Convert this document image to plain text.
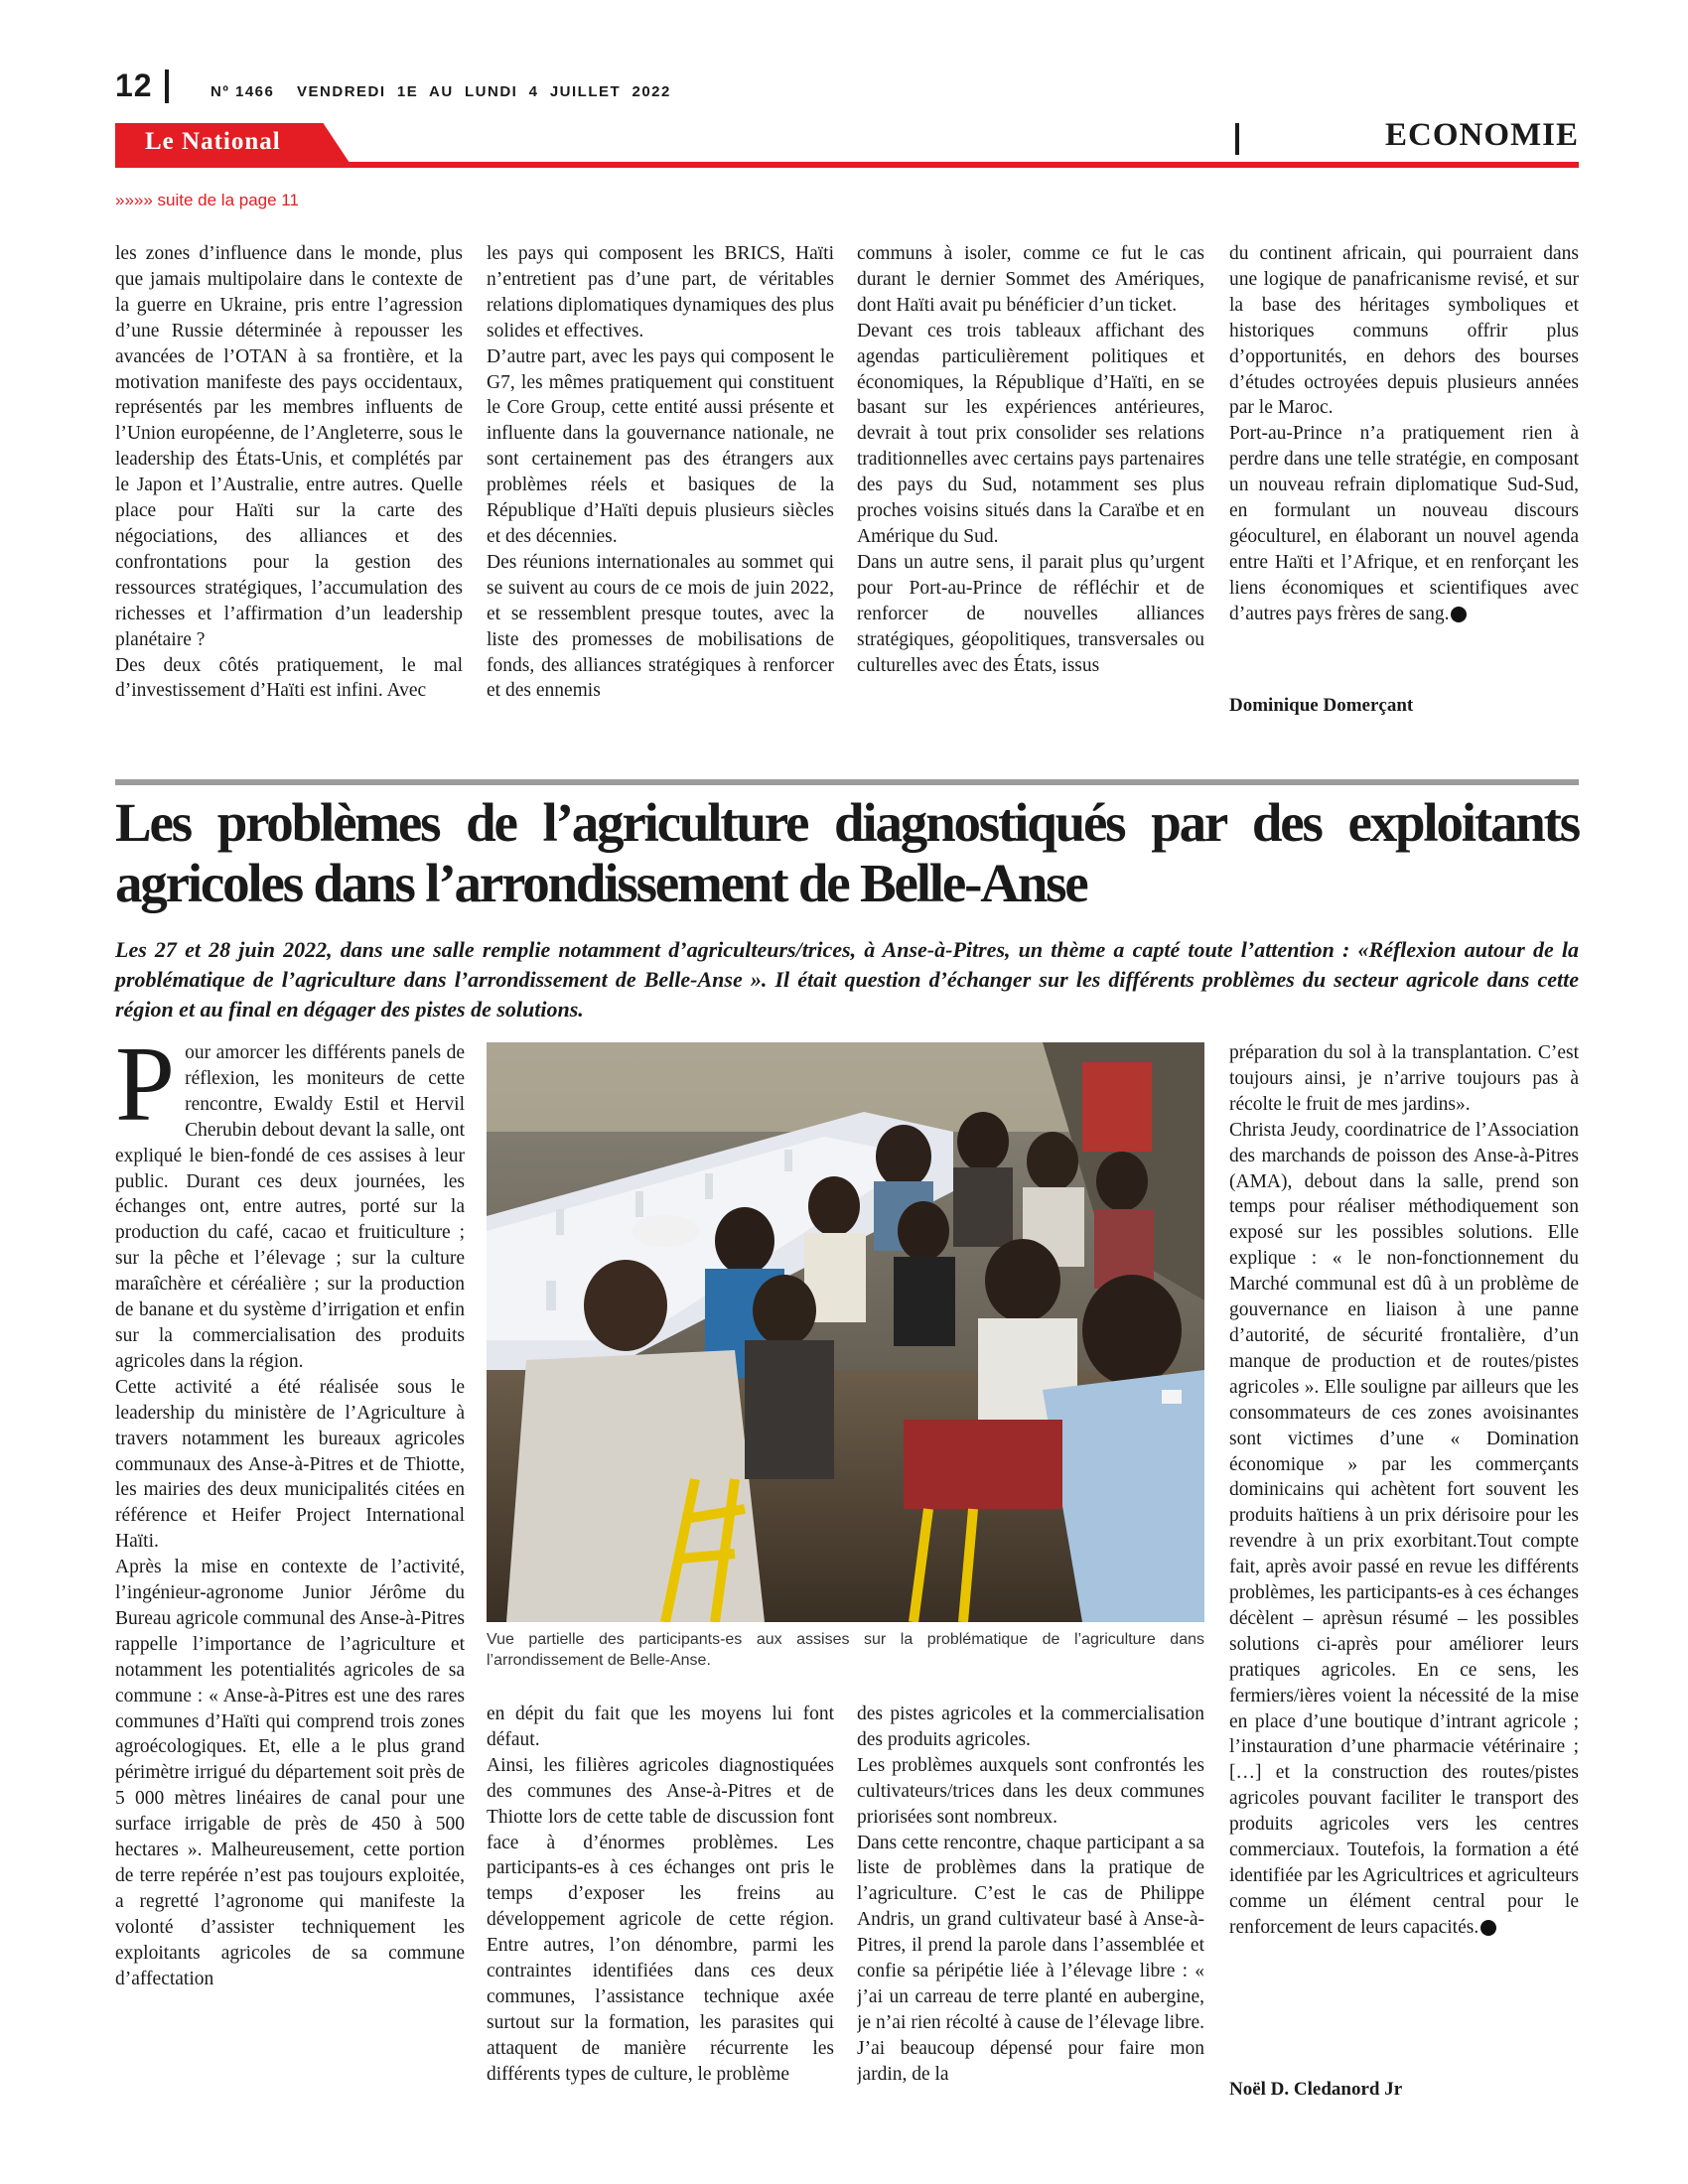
12	Nº 1466    VENDREDI  1E  AU  LUNDI  4  JUILLET  2022
Le National	ECONOMIE
»»»» suite de la page 11

les zones d’influence dans le monde, plus que jamais multipolaire dans le contexte de la guerre en Ukraine, pris entre l’agression d’une Russie déterminée à repousser les avancées de l’OTAN à sa frontière, et la motivation manifeste des pays occidentaux, représentés par les membres influents de l’Union européenne, de l’Angleterre, sous le leadership des États-Unis, et complétés par le Japon et l’Australie, entre autres. Quelle place pour Haïti sur la carte des négociations, des alliances et des confrontations pour la gestion des ressources stratégiques, l’accumulation des richesses et l’affirmation d’un leadership planétaire ?

Des deux côtés pratiquement, le mal d’investissement d’Haïti est infini. Avec

les pays qui composent les BRICS, Haïti n’entretient pas d’une part, de véritables relations diplomatiques dynamiques des plus solides et effectives.

D’autre part, avec les pays qui composent le G7, les mêmes pratiquement qui constituent le Core Group, cette entité aussi présente et influente dans la gouvernance nationale, ne sont certainement pas des étrangers aux problèmes réels et basiques de la République d’Haïti depuis plusieurs siècles et des décennies.

Des réunions internationales au sommet qui se suivent au cours de ce mois de juin 2022, et se ressemblent presque toutes, avec la liste des promesses de mobilisations de fonds, des alliances stratégiques à renforcer et des ennemis

communs à isoler, comme ce fut le cas durant le dernier Sommet des Amériques, dont Haïti avait pu bénéficier d’un ticket.

Devant ces trois tableaux affichant des agendas particulièrement politiques et économiques, la République d’Haïti, en se basant sur les expériences antérieures, devrait à tout prix consolider ses relations traditionnelles avec certains pays partenaires des pays du Sud, notamment ses plus proches voisins situés dans la Caraïbe et en Amérique du Sud.

Dans un autre sens, il parait plus qu’urgent pour Port-au-Prince de réfléchir et de renforcer de nouvelles alliances stratégiques, géopolitiques, transversales ou culturelles avec des États, issus

du continent africain, qui pourraient dans une logique de panafricanisme revisé, et sur la base des héritages symboliques et historiques communs offrir plus d’opportunités, en dehors des bourses d’études octroyées depuis plusieurs années par le Maroc.

Port-au-Prince n’a pratiquement rien à perdre dans une telle stratégie, en composant un nouveau refrain diplomatique Sud-Sud, en formulant un nouveau discours géoculturel, en élaborant un nouvel agenda entre Haïti et l’Afrique, et en renforçant les liens économiques et scientifiques avec d’autres pays frères de sang.

Dominique Domerçant
Les problèmes de l’agriculture diagnostiqués par des exploitants agricoles dans l’arrondissement de Belle-Anse

Les 27 et 28 juin 2022, dans une salle remplie notamment d’agriculteurs/trices, à Anse-à-Pitres, un thème a capté toute l’attention : «Réflexion autour de la problématique de l’agriculture dans l’arrondissement de Belle-Anse ». Il était question d’échanger sur les différents problèmes du secteur agricole dans cette région et au final en dégager des pistes de solutions.

Pour amorcer les différents panels de réflexion, les moniteurs de cette rencontre, Ewaldy Estil et Hervil Cherubin debout devant la salle, ont expliqué le bien-fondé de ces assises à leur public. Durant ces deux journées, les échanges ont, entre autres, porté sur la production du café, cacao et fruiticulture ; sur la pêche et l’élevage ; sur la culture maraîchère et céréalière ; sur la production de banane et du système d’irrigation et enfin sur la commercialisation des produits agricoles dans la région.

Cette activité a été réalisée sous le leadership du ministère de l’Agriculture à travers notamment les bureaux agricoles communaux des Anse-à-Pitres et de Thiotte, les mairies des deux municipalités citées en référence et Heifer Project International Haïti.

Après la mise en contexte de l’activité, l’ingénieur-agronome Junior Jérôme du Bureau agricole communal des Anse-à-Pitres rappelle l’importance de l’agriculture et notamment les potentialités agricoles de sa commune : « Anse-à-Pitres est une des rares communes d’Haïti qui comprend trois zones agroécologiques. Et, elle a le plus grand périmètre irrigué du département soit près de 5 000 mètres linéaires de canal pour une surface irrigable de près de 450 à 500 hectares ». Malheureusement, cette portion de terre repérée n’est pas toujours exploitée, a regretté l’agronome qui manifeste la volonté d’assister techniquement les exploitants agricoles de sa commune d’affectation

Vue partielle des participants-es aux assises sur la problématique de l’agriculture dans l’arrondissement de Belle-Anse.

en dépit du fait que les moyens lui font défaut.

Ainsi, les filières agricoles diagnostiquées des communes des Anse-à-Pitres et de Thiotte lors de cette table de discussion font face à d’énormes problèmes. Les participants-es à ces échanges ont pris le temps d’exposer les freins au développement agricole de cette région. Entre autres, l’on dénombre, parmi les contraintes identifiées dans ces deux communes, l’assistance technique axée surtout sur la formation, les parasites qui attaquent de manière récurrente les différents types de culture, le problème

des pistes agricoles et la commercialisation des produits agricoles.

Les problèmes auxquels sont confrontés les cultivateurs/trices dans les deux communes priorisées sont nombreux.

Dans cette rencontre, chaque participant a sa liste de problèmes dans la pratique de l’agriculture. C’est le cas de Philippe Andris, un grand cultivateur basé à Anse-à-Pitres, il prend la parole dans l’assemblée et confie sa péripétie liée à l’élevage libre : « j’ai un carreau de terre planté en aubergine, je n’ai rien récolté à cause de l’élevage libre. J’ai beaucoup dépensé pour faire mon jardin, de la

préparation du sol à la transplantation. C’est toujours ainsi, je n’arrive toujours pas à récolte le fruit de mes jardins».

Christa Jeudy, coordinatrice de l’Association des marchands de poisson des Anse-à-Pitres (AMA), debout dans la salle, prend son temps pour réaliser méthodiquement son exposé sur les possibles solutions. Elle explique : « le non-fonctionnement du Marché communal est dû à un problème de gouvernance en liaison à une panne d’autorité, de sécurité frontalière, d’un manque de production et de routes/pistes agricoles ». Elle souligne par ailleurs que les consommateurs de ces zones avoisinantes sont victimes d’une « Domination économique » par les commerçants dominicains qui achètent fort souvent les produits haïtiens à un prix dérisoire pour les revendre à un prix exorbitant.Tout compte fait, après avoir passé en revue les différents problèmes, les participants-es à ces échanges décèlent – aprèsun résumé – les possibles solutions ci-après pour améliorer leurs pratiques agricoles. En ce sens, les fermiers/ières voient la nécessité de la mise en place d’une boutique d’intrant agricole ; l’instauration d’une pharmacie vétérinaire ; […] et la construction des routes/pistes agricoles pouvant faciliter le transport des produits agricoles vers les centres commerciaux. Toutefois, la formation a été identifiée par les Agricultrices et agriculteurs comme un élément central pour le renforcement de leurs capacités.

Noël D. Cledanord Jr
